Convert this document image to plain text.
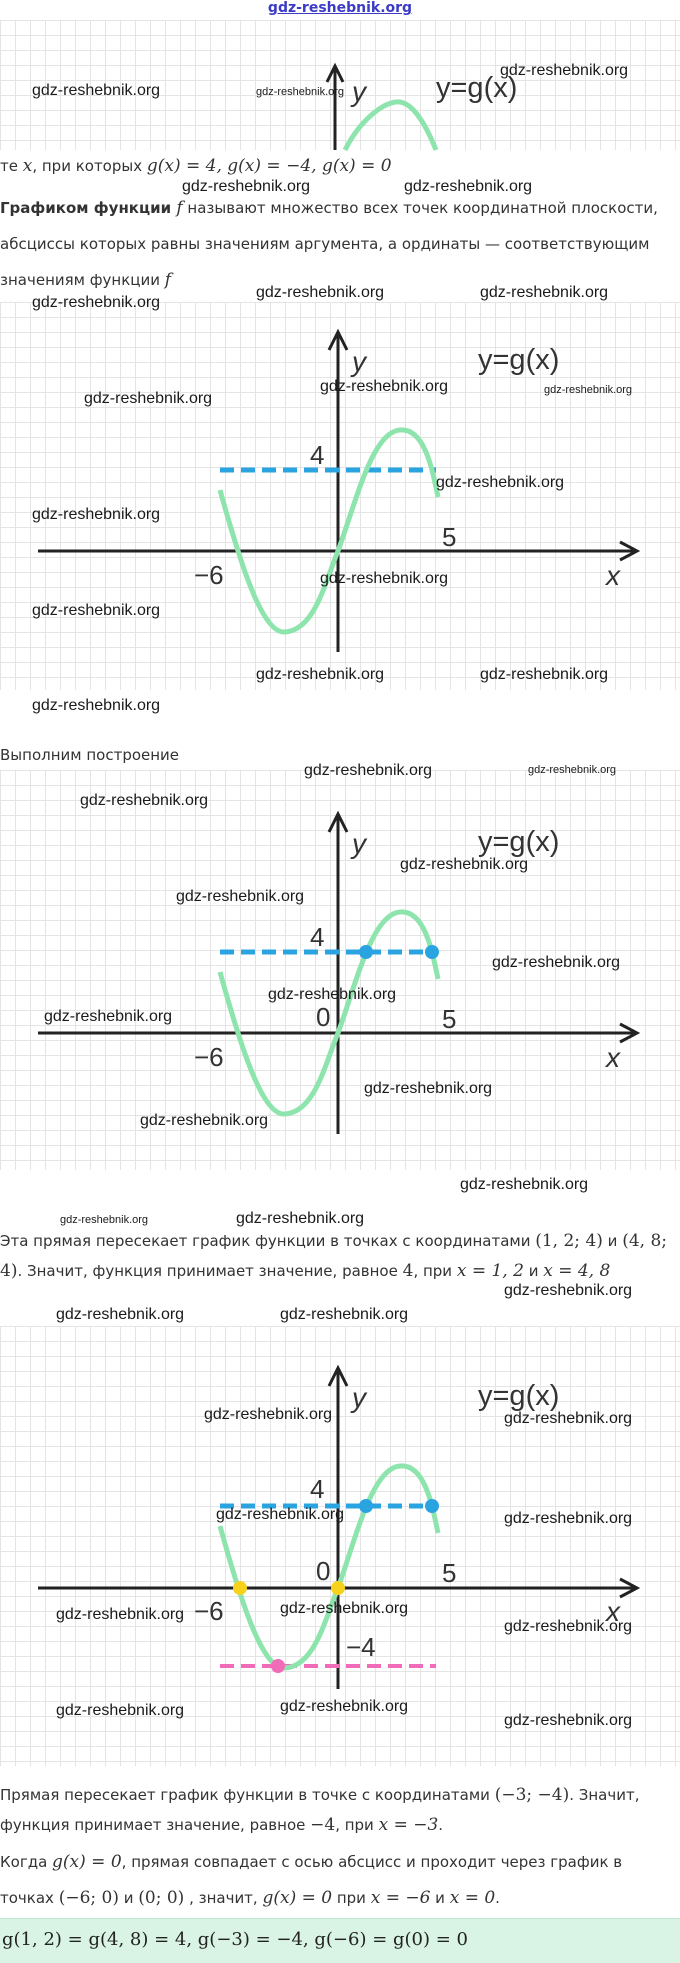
gdz-reshebnik.org
gdz-reshebnik.org	gdz-reshebnik.org y y=g(x)
gdz-reshebnik.org
те x, при которых g(x) = 4, g(x) = −4, g(x) = 0
gdz-reshebnik.org	gdz-reshebnik.org
Графиком функции f называют множество всех точек координатной плоскости, абсциссы которых равны значениям аргумента, а ординаты — соответствующим значениям функции f
gdz-reshebnik.org
gdz-reshebnik.org	gdz-reshebnik.org
y	y=g(x)
gdz-reshebnik.org
gdz-reshebnik.org	gdz-reshebnik.org
4
gdz-reshebnik.org
gdz-reshebnik.org
5
−6	gdz-reshebnik.org	x
gdz-reshebnik.org
gdz-reshebnik.org	gdz-reshebnik.org
gdz-reshebnik.org
Выполним построение
gdz-reshebnik.org	gdz-reshebnik.org
gdz-reshebnik.org
y	y=g(x)
gdz-reshebnik.org
gdz-reshebnik.org
4
gdz-reshebnik.org
gdz-reshebnik.org
gdz-reshebnik.org	0	5
−6	x
gdz-reshebnik.org
gdz-reshebnik.org
gdz-reshebnik.org
gdz-reshebnik.org	gdz-reshebnik.org
Эта прямая пересекает график функции в точках с координатами (1, 2; 4) и (4, 8; 4). Значит, функция принимает значение, равное 4, при x = 1, 2 и x = 4, 8
gdz-reshebnik.org
gdz-reshebnik.org	gdz-reshebnik.org
y	y=g(x)
gdz-reshebnik.org	gdz-reshebnik.org
4
gdz-reshebnik.org	gdz-reshebnik.org
0	5
−6
gdz-reshebnik.org	gdz-reshebnik.org	x
gdz-reshebnik.org
−4
gdz-reshebnik.org	gdz-reshebnik.org
gdz-reshebnik.org
Прямая пересекает график функции в точке с координатами (−3; −4). Значит, функция принимает значение, равное −4, при x = −3.
Когда g(x) = 0, прямая совпадает с осью абсцисс и проходит через график в точках (−6; 0) и (0; 0) , значит, g(x) = 0 при x = −6 и x = 0.
g(1, 2) = g(4, 8) = 4, g(−3) = −4, g(−6) = g(0) = 0
